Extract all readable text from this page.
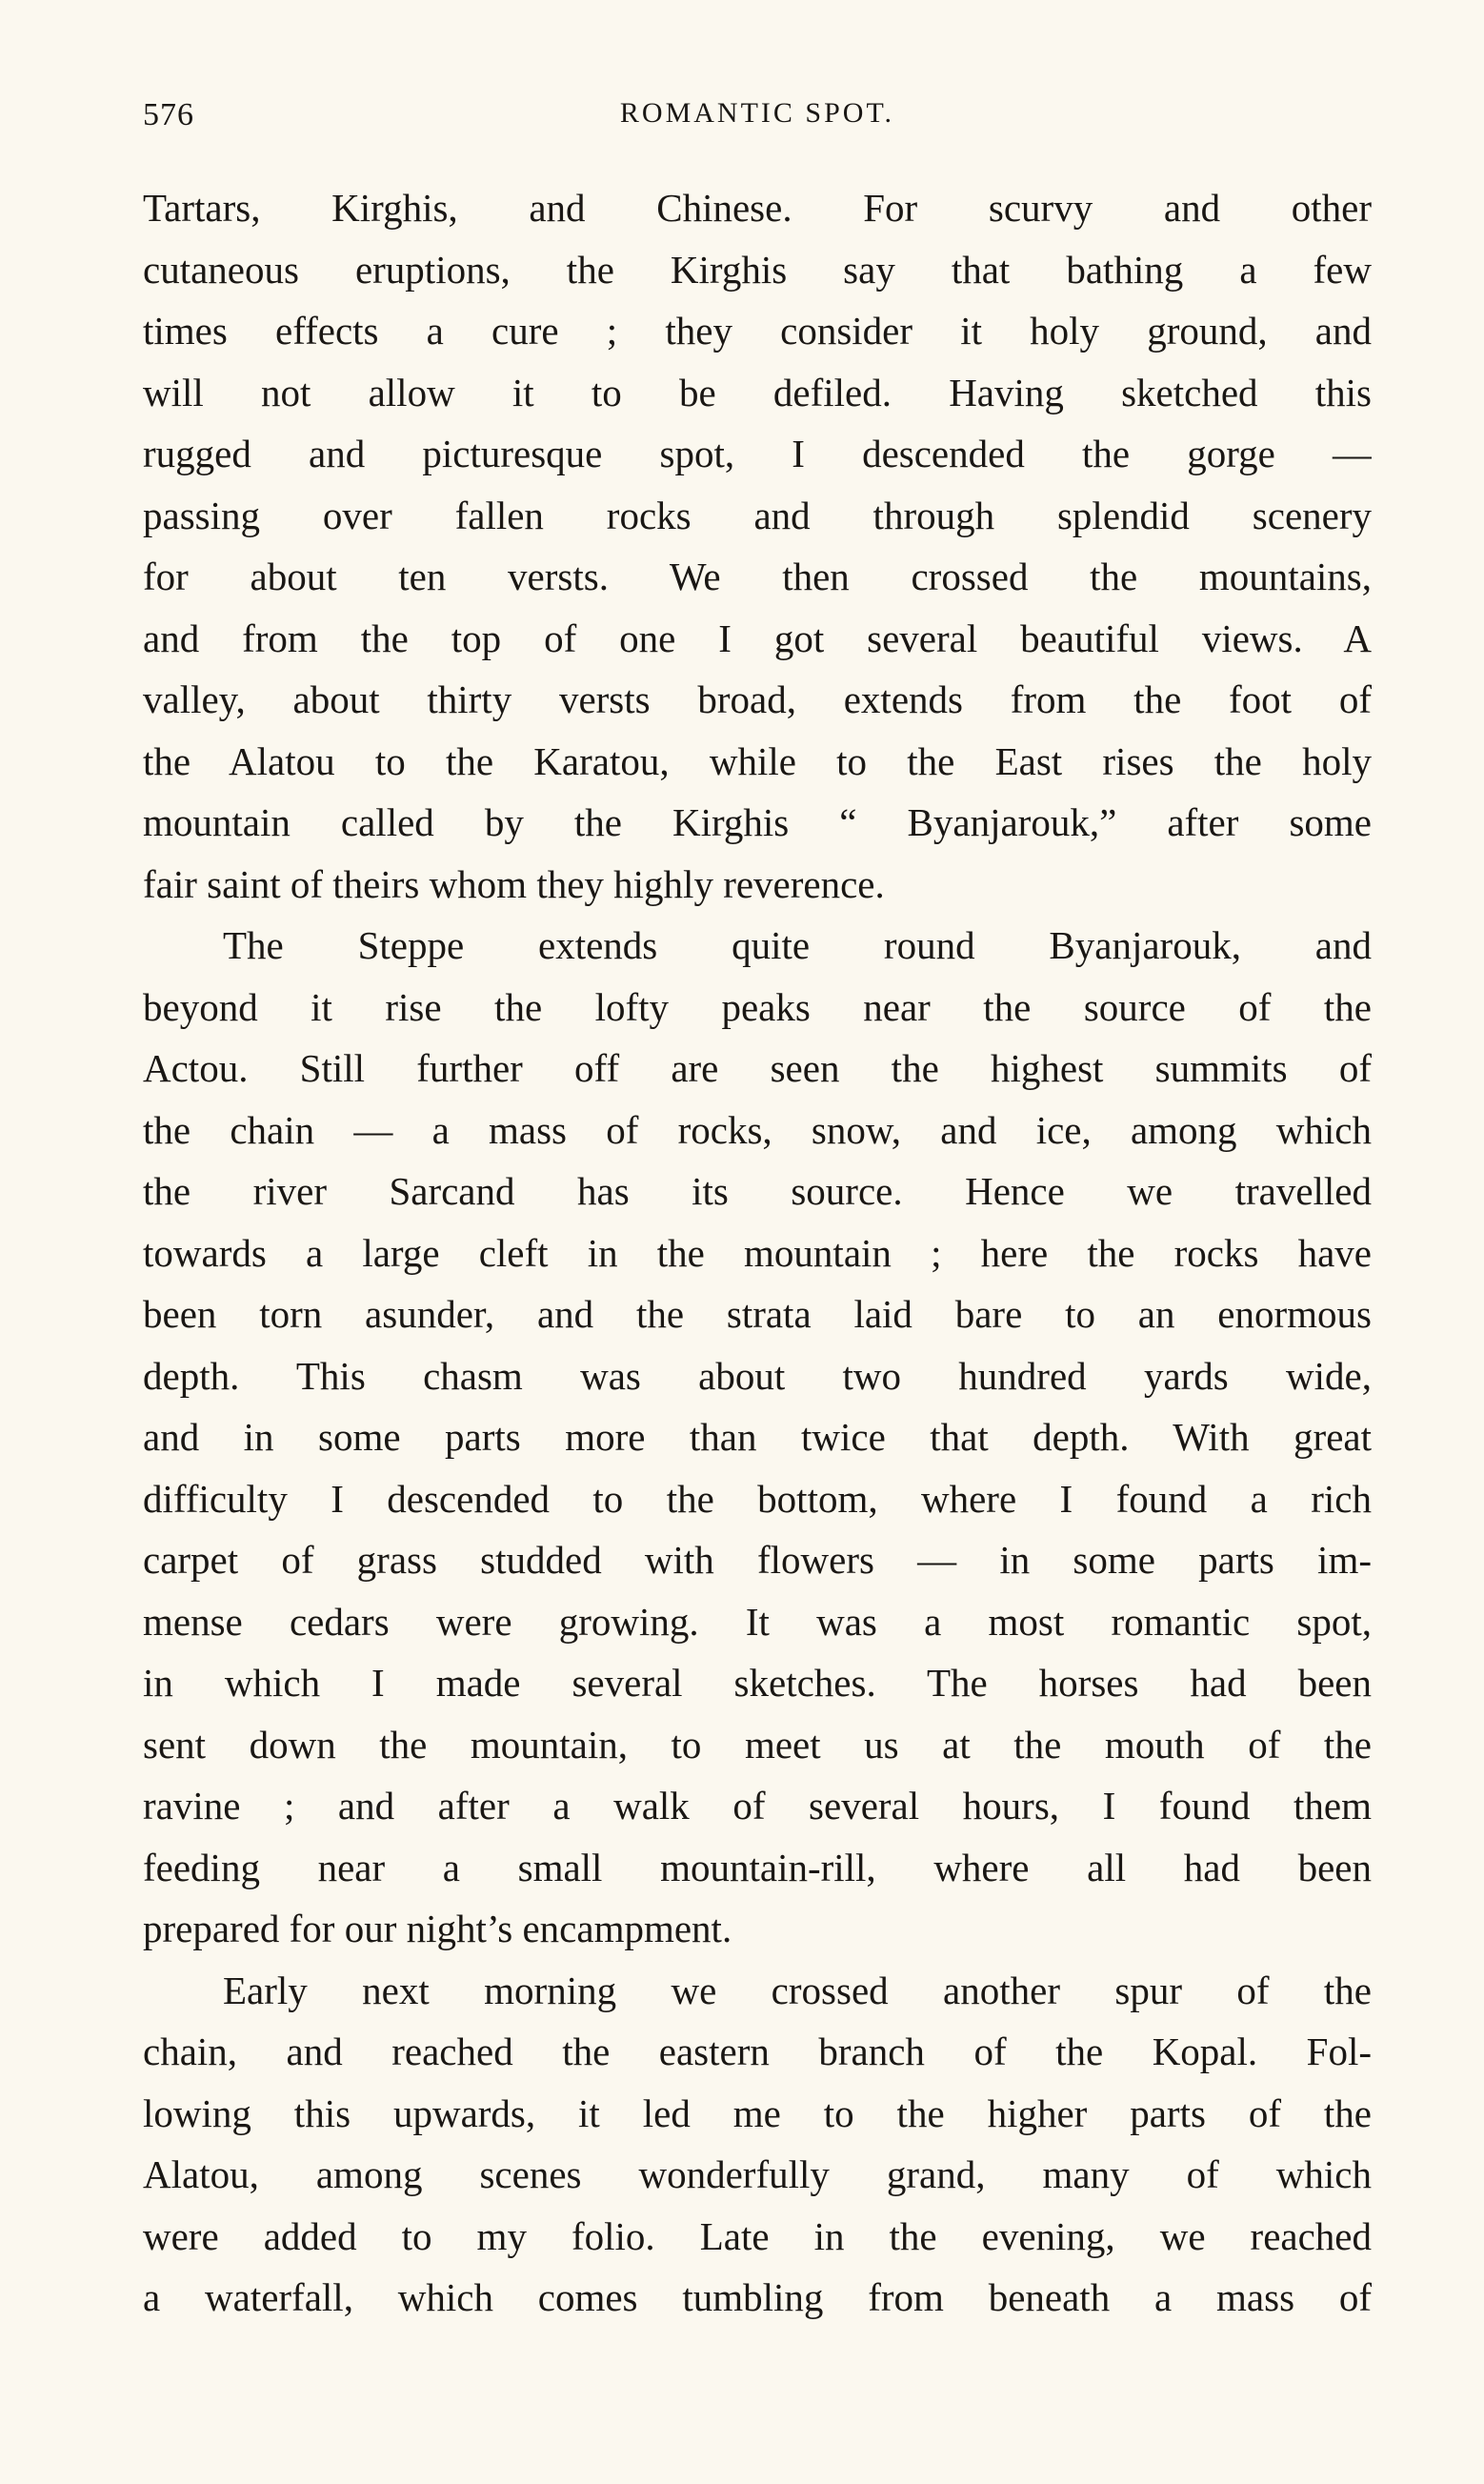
576	ROMANTIC SPOT.
Tartars, Kirghis, and Chinese. For scurvy and other
cutaneous eruptions, the Kirghis say that bathing a few
times effects a cure ; they consider it holy ground, and
will not allow it to be defiled. Having sketched this
rugged and picturesque spot, I descended the gorge —
passing over fallen rocks and through splendid scenery
for about ten versts. We then crossed the mountains,
and from the top of one I got several beautiful views. A
valley, about thirty versts broad, extends from the foot of
the Alatou to the Karatou, while to the East rises the holy
mountain called by the Kirghis “ Byanjarouk,” after some
fair saint of theirs whom they highly reverence.
The Steppe extends quite round Byanjarouk, and
beyond it rise the lofty peaks near the source of the
Actou. Still further off are seen the highest summits of
the chain — a mass of rocks, snow, and ice, among which
the river Sarcand has its source. Hence we travelled
towards a large cleft in the mountain ; here the rocks have
been torn asunder, and the strata laid bare to an enormous
depth. This chasm was about two hundred yards wide,
and in some parts more than twice that depth. With great
difficulty I descended to the bottom, where I found a rich
carpet of grass studded with flowers — in some parts im-
mense cedars were growing. It was a most romantic spot,
in which I made several sketches. The horses had been
sent down the mountain, to meet us at the mouth of the
ravine ; and after a walk of several hours, I found them
feeding near a small mountain-rill, where all had been
prepared for our night’s encampment.
Early next morning we crossed another spur of the
chain, and reached the eastern branch of the Kopal. Fol-
lowing this upwards, it led me to the higher parts of the
Alatou, among scenes wonderfully grand, many of which
were added to my folio. Late in the evening, we reached
a waterfall, which comes tumbling from beneath a mass of
